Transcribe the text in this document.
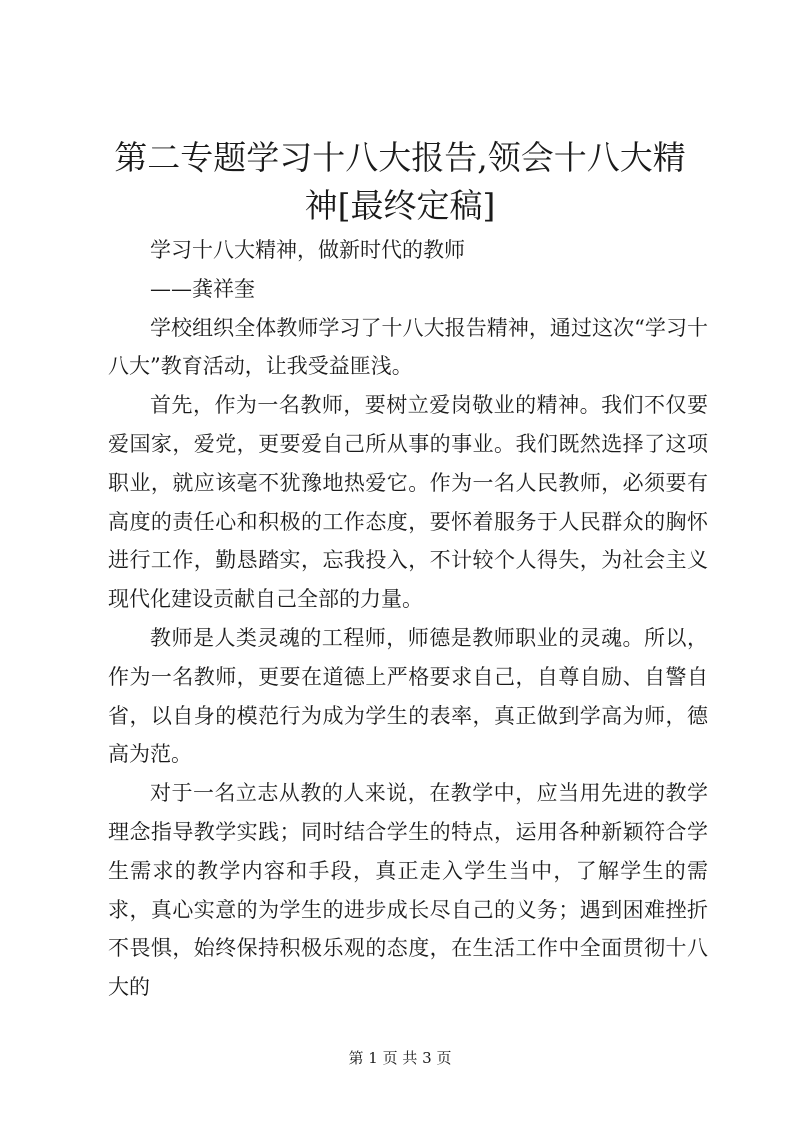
第二专题学习十八大报告,领会十八大精神[最终定稿]

学习十八大精神，做新时代的教师

——龚祥奎

学校组织全体教师学习了十八大报告精神，通过这次“学习十八大”教育活动，让我受益匪浅。

首先，作为一名教师，要树立爱岗敬业的精神。我们不仅要爱国家，爱党，更要爱自己所从事的事业。我们既然选择了这项职业，就应该毫不犹豫地热爱它。作为一名人民教师，必须要有高度的责任心和积极的工作态度，要怀着服务于人民群众的胸怀进行工作，勤恳踏实，忘我投入，不计较个人得失，为社会主义现代化建设贡献自己全部的力量。

教师是人类灵魂的工程师，师德是教师职业的灵魂。所以，作为一名教师，更要在道德上严格要求自己，自尊自励、自警自省，以自身的模范行为成为学生的表率，真正做到学高为师，德高为范。

对于一名立志从教的人来说，在教学中，应当用先进的教学理念指导教学实践；同时结合学生的特点，运用各种新颖符合学生需求的教学内容和手段，真正走入学生当中，了解学生的需求，真心实意的为学生的进步成长尽自己的义务；遇到困难挫折不畏惧，始终保持积极乐观的态度，在生活工作中全面贯彻十八大的

第 1 页 共 3 页
